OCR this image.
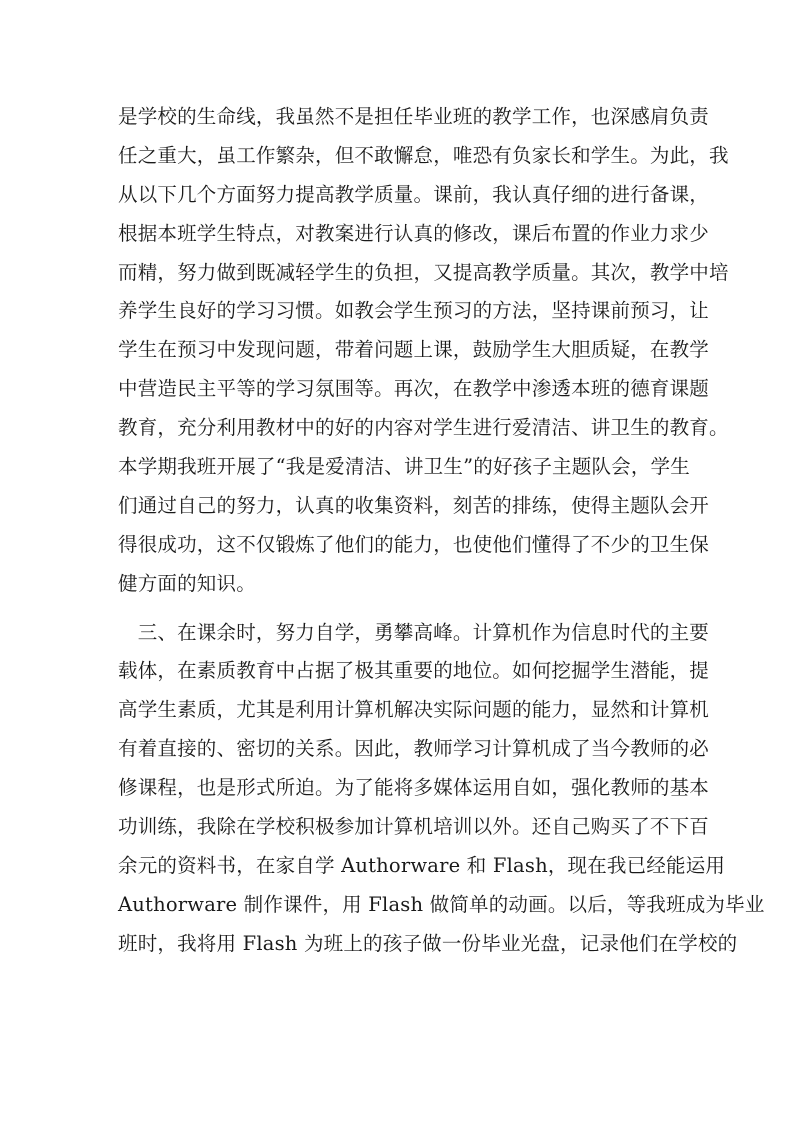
是学校的生命线，我虽然不是担任毕业班的教学工作，也深感肩负责
任之重大，虽工作繁杂，但不敢懈怠，唯恐有负家长和学生。为此，我
从以下几个方面努力提高教学质量。课前，我认真仔细的进行备课，
根据本班学生特点，对教案进行认真的修改，课后布置的作业力求少
而精，努力做到既减轻学生的负担，又提高教学质量。其次，教学中培
养学生良好的学习习惯。如教会学生预习的方法，坚持课前预习，让
学生在预习中发现问题，带着问题上课，鼓励学生大胆质疑，在教学
中营造民主平等的学习氛围等。再次，在教学中渗透本班的德育课题
教育，充分利用教材中的好的内容对学生进行爱清洁、讲卫生的教育。
本学期我班开展了“我是爱清洁、讲卫生”的好孩子主题队会，学生
们通过自己的努力，认真的收集资料，刻苦的排练，使得主题队会开
得很成功，这不仅锻炼了他们的能力，也使他们懂得了不少的卫生保
健方面的知识。
　三、在课余时，努力自学，勇攀高峰。计算机作为信息时代的主要
载体，在素质教育中占据了极其重要的地位。如何挖掘学生潜能，提
高学生素质，尤其是利用计算机解决实际问题的能力，显然和计算机
有着直接的、密切的关系。因此，教师学习计算机成了当今教师的必
修课程，也是形式所迫。为了能将多媒体运用自如，强化教师的基本
功训练，我除在学校积极参加计算机培训以外。还自己购买了不下百
余元的资料书，在家自学 Authorware 和 Flash，现在我已经能运用
Authorware 制作课件，用 Flash 做简单的动画。以后，等我班成为毕业
班时，我将用 Flash 为班上的孩子做一份毕业光盘，记录他们在学校的
